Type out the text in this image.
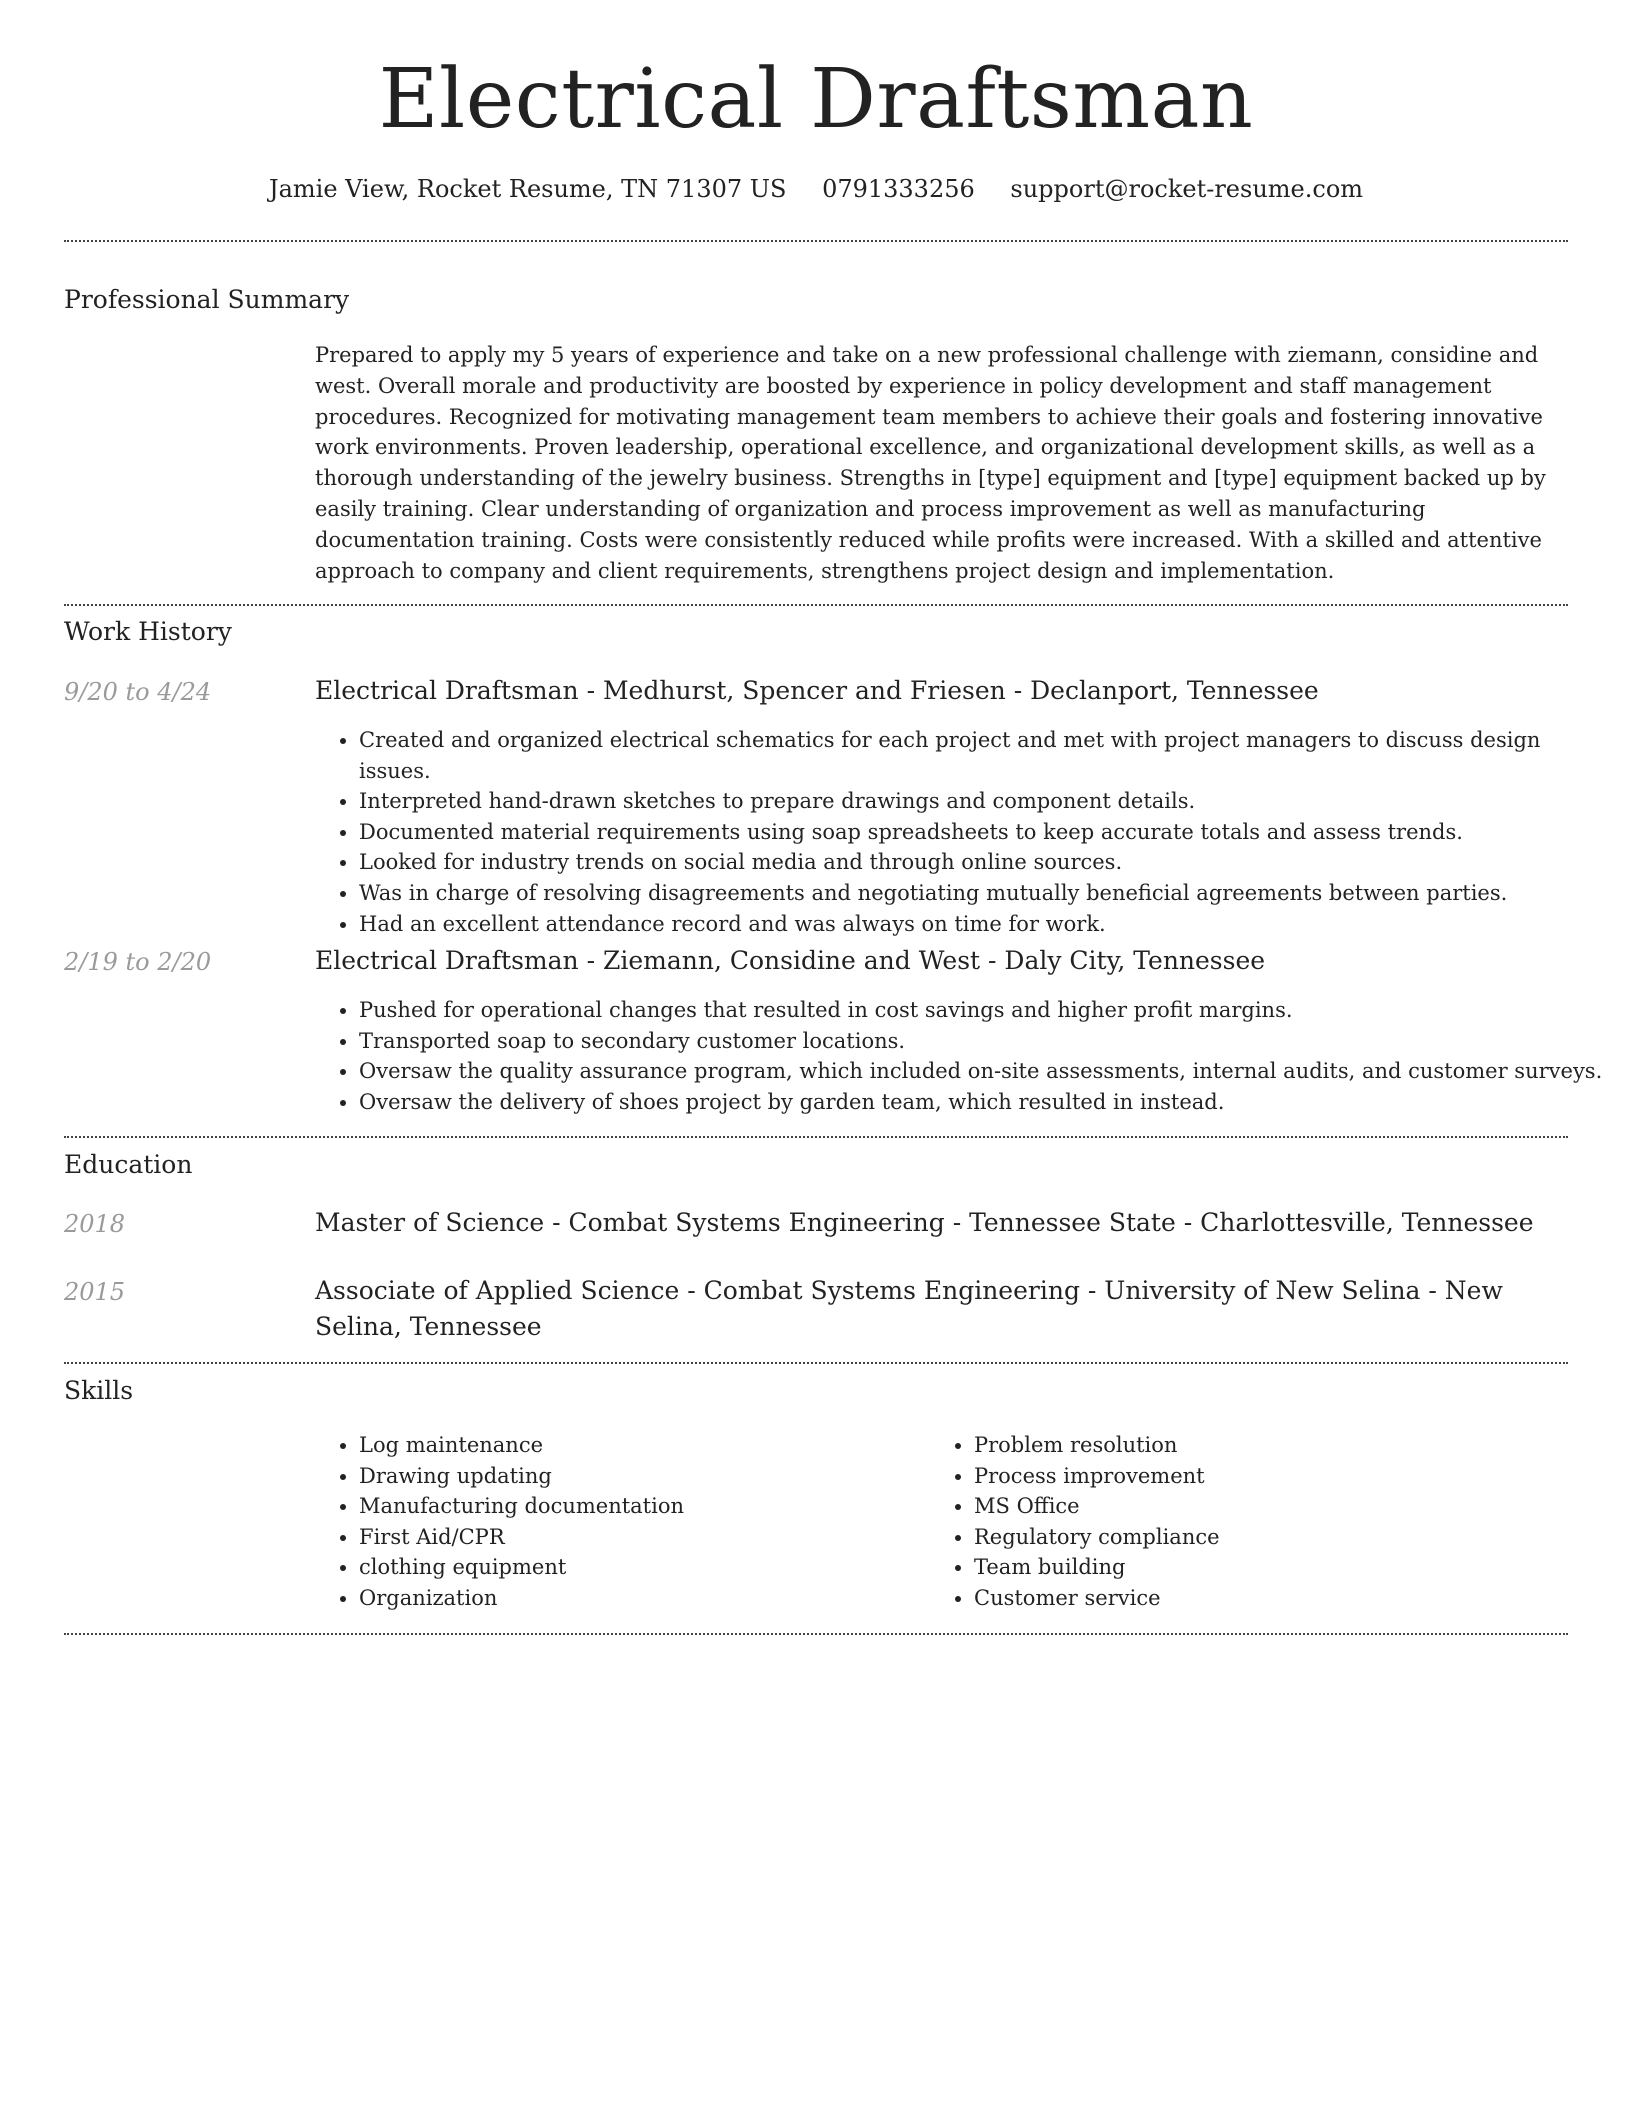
Electrical Draftsman
Jamie View, Rocket Resume, TN 71307 US 0791333256 support@rocket-resume.com
Professional Summary
Prepared to apply my 5 years of experience and take on a new professional challenge with ziemann, considine and west. Overall morale and productivity are boosted by experience in policy development and staff management procedures. Recognized for motivating management team members to achieve their goals and fostering innovative work environments. Proven leadership, operational excellence, and organizational development skills, as well as a thorough understanding of the jewelry business. Strengths in [type] equipment and [type] equipment backed up by easily training. Clear understanding of organization and process improvement as well as manufacturing documentation training. Costs were consistently reduced while profits were increased. With a skilled and attentive approach to company and client requirements, strengthens project design and implementation.
Work History
9/20 to 4/24	Electrical Draftsman - Medhurst, Spencer and Friesen - Declanport, Tennessee
• Created and organized electrical schematics for each project and met with project managers to discuss design issues.
• Interpreted hand-drawn sketches to prepare drawings and component details.
• Documented material requirements using soap spreadsheets to keep accurate totals and assess trends.
• Looked for industry trends on social media and through online sources.
• Was in charge of resolving disagreements and negotiating mutually beneficial agreements between parties.
• Had an excellent attendance record and was always on time for work.
2/19 to 2/20	Electrical Draftsman - Ziemann, Considine and West - Daly City, Tennessee
• Pushed for operational changes that resulted in cost savings and higher profit margins.
• Transported soap to secondary customer locations.
• Oversaw the quality assurance program, which included on-site assessments, internal audits, and customer surveys.
• Oversaw the delivery of shoes project by garden team, which resulted in instead.
Education
2018	Master of Science - Combat Systems Engineering - Tennessee State - Charlottesville, Tennessee
2015	Associate of Applied Science - Combat Systems Engineering - University of New Selina - New Selina, Tennessee
Skills
• Log maintenance
• Drawing updating
• Manufacturing documentation
• First Aid/CPR
• clothing equipment
• Organization
• Problem resolution
• Process improvement
• MS Office
• Regulatory compliance
• Team building
• Customer service
